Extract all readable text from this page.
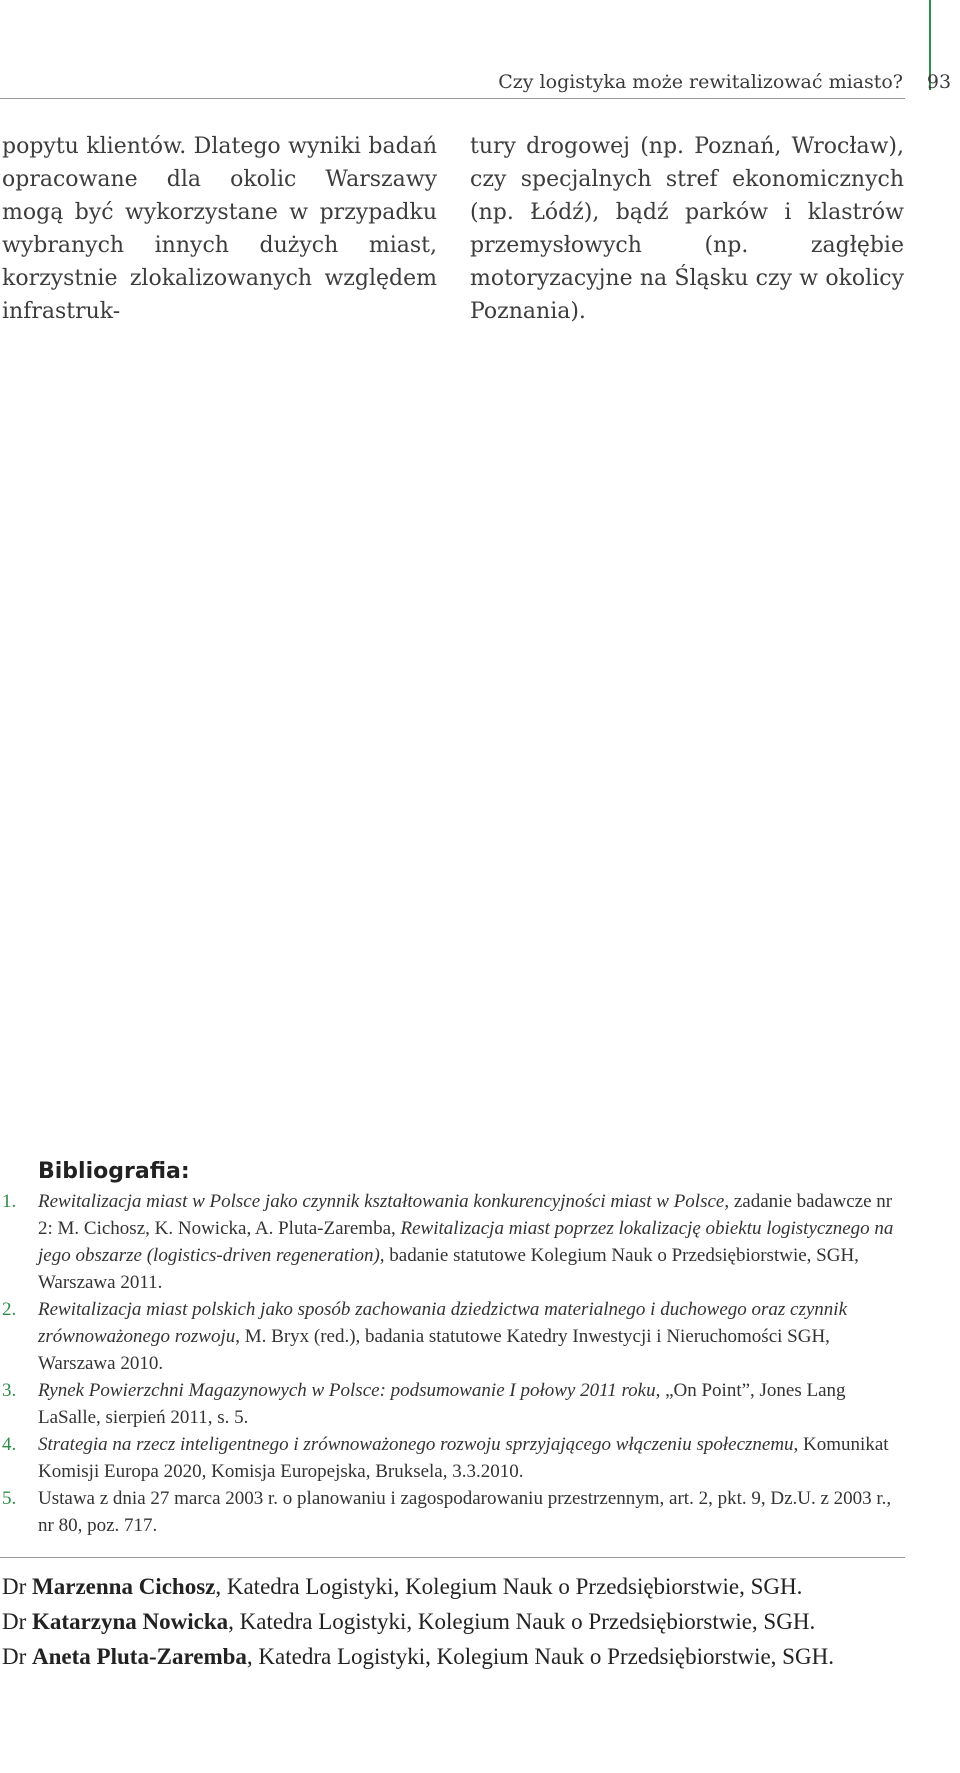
Czy logistyka może rewitalizować miasto?	93

popytu klientów. Dlatego wyniki badań opracowane dla okolic Warszawy mogą być wykorzystane w przypadku wybranych innych dużych miast, korzystnie zlokalizowanych względem infrastruk-

tury drogowej (np. Poznań, Wrocław), czy specjalnych stref ekonomicznych (np. Łódź), bądź parków i klastrów przemysłowych (np. zagłębie motoryzacyjne na Śląsku czy w okolicy Poznania).

Bibliografia:
1.	Rewitalizacja miast w Polsce jako czynnik kształtowania konkurencyjności miast w Polsce, zadanie badawcze nr 2: M. Cichosz, K. Nowicka, A. Pluta-Zaremba, Rewitalizacja miast poprzez lokalizację obiektu logistycznego na jego obszarze (logistics-driven regeneration), badanie statutowe Kolegium Nauk o Przedsiębiorstwie, SGH, Warszawa 2011.
2.	Rewitalizacja miast polskich jako sposób zachowania dziedzictwa materialnego i duchowego oraz czynnik zrównoważonego rozwoju, M. Bryx (red.), badania statutowe Katedry Inwestycji i Nieruchomości SGH, Warszawa 2010.
3.	Rynek Powierzchni Magazynowych w Polsce: podsumowanie I połowy 2011 roku, „On Point”, Jones Lang LaSalle, sierpień 2011, s. 5.
4.	Strategia na rzecz inteligentnego i zrównoważonego rozwoju sprzyjającego włączeniu społecznemu, Komunikat Komisji Europa 2020, Komisja Europejska, Bruksela, 3.3.2010.
5.	Ustawa z dnia 27 marca 2003 r. o planowaniu i zagospodarowaniu przestrzennym, art. 2, pkt. 9, Dz.U. z 2003 r., nr 80, poz. 717.

Dr Marzenna Cichosz, Katedra Logistyki, Kolegium Nauk o Przedsiębiorstwie, SGH.

Dr Katarzyna Nowicka, Katedra Logistyki, Kolegium Nauk o Przedsiębiorstwie, SGH.

Dr Aneta Pluta-Zaremba, Katedra Logistyki, Kolegium Nauk o Przedsiębiorstwie, SGH.
